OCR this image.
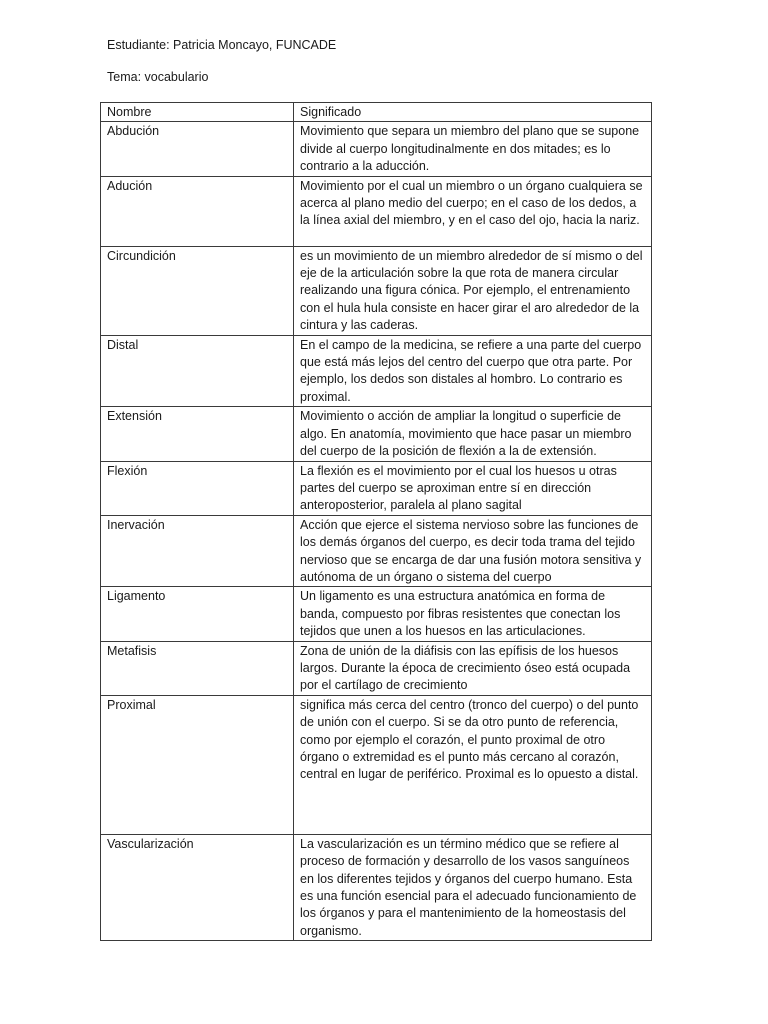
Estudiante: Patricia Moncayo, FUNCADE
Tema: vocabulario
Nombre	Significado
Abdución	Movimiento que separa un miembro del plano que se supone divide al cuerpo longitudinalmente en dos mitades; es lo contrario a la aducción.
Adución	Movimiento por el cual un miembro o un órgano cualquiera se acerca al plano medio del cuerpo; en el caso de los dedos, a la línea axial del miembro, y en el caso del ojo, hacia la nariz.
Circundición	es un movimiento de un miembro alrededor de sí mismo o del eje de la articulación sobre la que rota de manera circular realizando una figura cónica. Por ejemplo, el entrenamiento con el hula hula consiste en hacer girar el aro alrededor de la cintura y las caderas.
Distal	En el campo de la medicina, se refiere a una parte del cuerpo que está más lejos del centro del cuerpo que otra parte. Por ejemplo, los dedos son distales al hombro. Lo contrario es proximal.
Extensión	Movimiento o acción de ampliar la longitud o superficie de algo. En anatomía, movimiento que hace pasar un miembro del cuerpo de la posición de flexión a la de extensión.
Flexión	La flexión es el movimiento por el cual los huesos u otras partes del cuerpo se aproximan entre sí en dirección anteroposterior, paralela al plano sagital
Inervación	Acción que ejerce el sistema nervioso sobre las funciones de los demás órganos del cuerpo, es decir toda trama del tejido nervioso que se encarga de dar una fusión motora sensitiva y autónoma de un órgano o sistema del cuerpo
Ligamento	Un ligamento es una estructura anatómica en forma de banda, compuesto por fibras resistentes que conectan los tejidos que unen a los huesos en las articulaciones.
Metafisis	Zona de unión de la diáfisis con las epífisis de los huesos largos. Durante la época de crecimiento óseo está ocupada por el cartílago de crecimiento
Proximal	significa más cerca del centro (tronco del cuerpo) o del punto de unión con el cuerpo. Si se da otro punto de referencia, como por ejemplo el corazón, el punto proximal de otro órgano o extremidad es el punto más cercano al corazón, central en lugar de periférico. Proximal es lo opuesto a distal.
Vascularización	La vascularización es un término médico que se refiere al proceso de formación y desarrollo de los vasos sanguíneos en los diferentes tejidos y órganos del cuerpo humano. Esta es una función esencial para el adecuado funcionamiento de los órganos y para el mantenimiento de la homeostasis del organismo.
